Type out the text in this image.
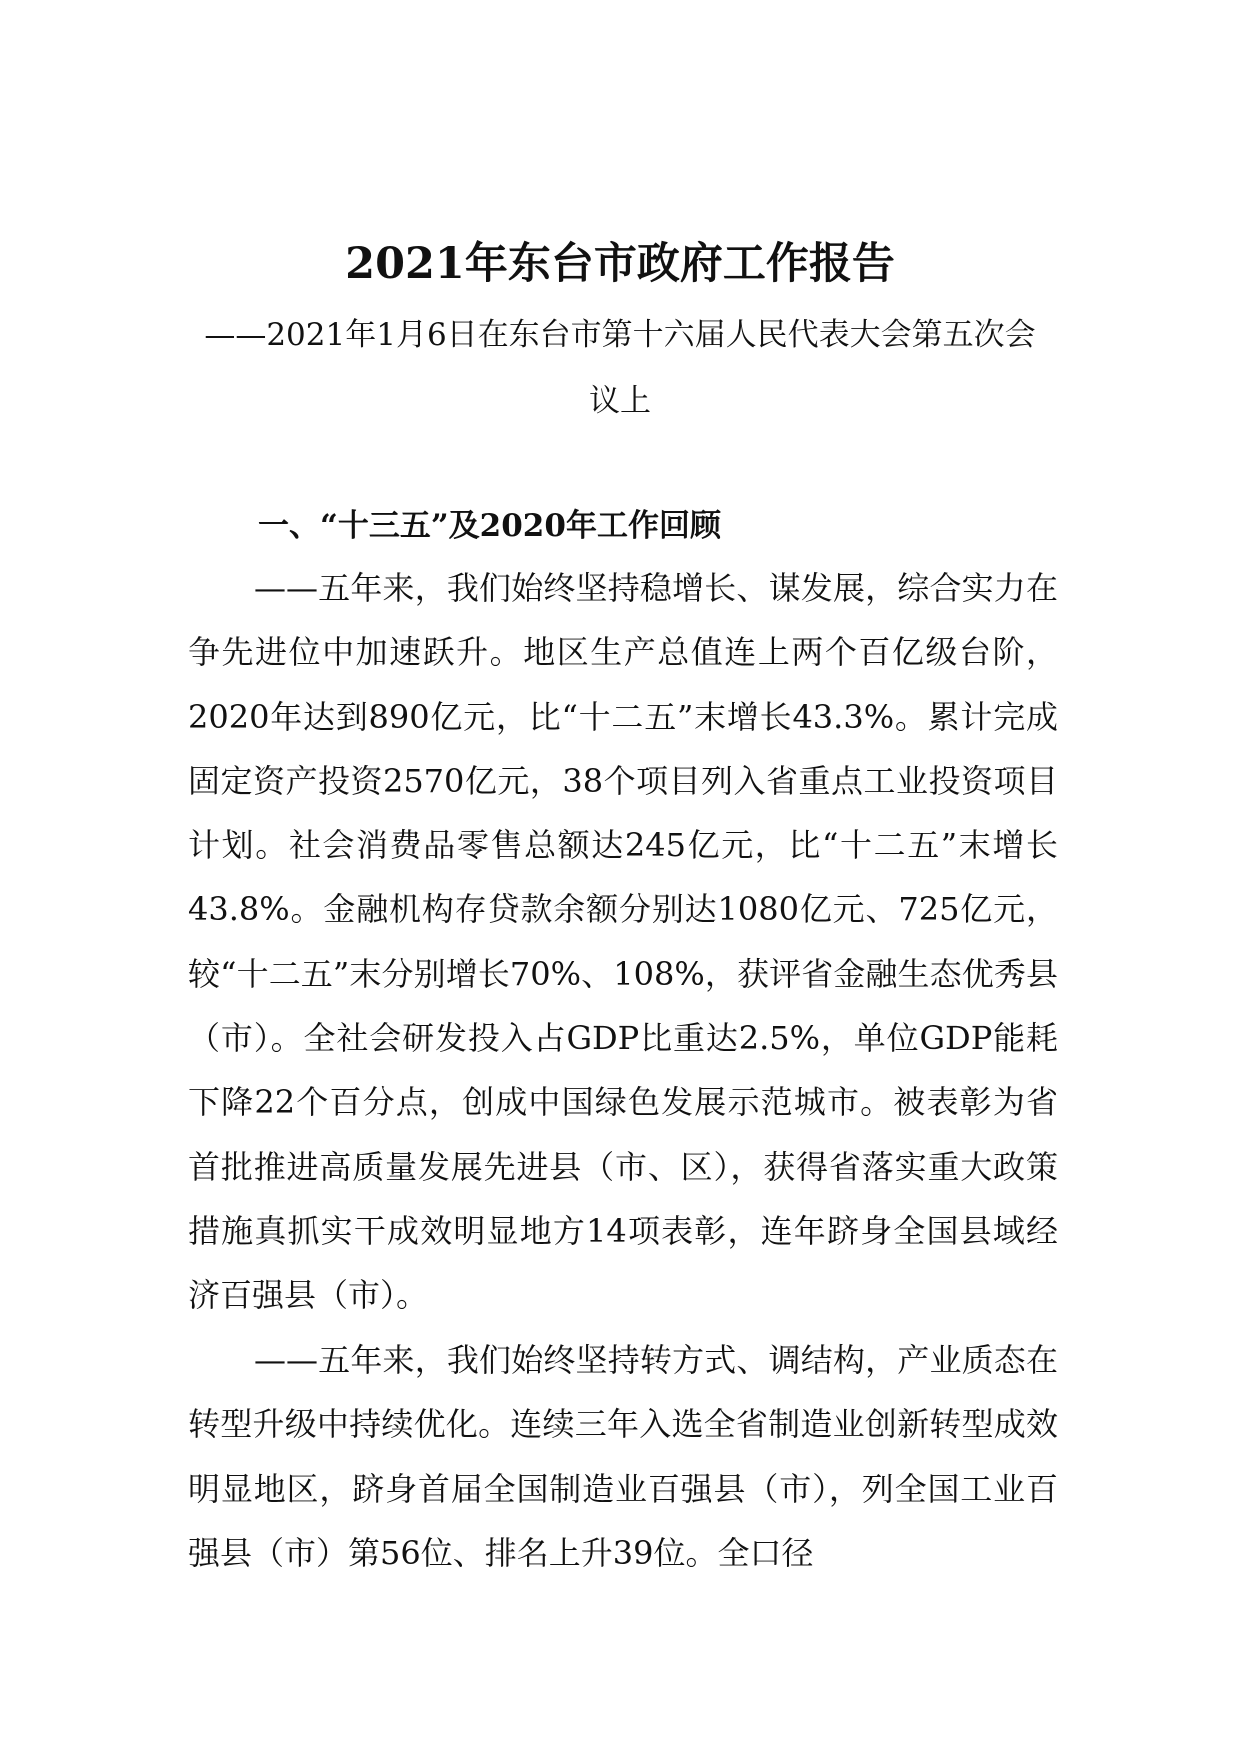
2021年东台市政府工作报告
——2021年1月6日在东台市第十六届人民代表大会第五次会议上
一、“十三五”及2020年工作回顾

——五年来，我们始终坚持稳增长、谋发展，综合实力在争先进位中加速跃升。地区生产总值连上两个百亿级台阶，2020年达到890亿元，比“十二五”末增长43.3%。累计完成固定资产投资2570亿元，38个项目列入省重点工业投资项目计划。社会消费品零售总额达245亿元，比“十二五”末增长43.8%。金融机构存贷款余额分别达1080亿元、725亿元，较“十二五”末分别增长70%、108%，获评省金融生态优秀县（市）。全社会研发投入占GDP比重达2.5%，单位GDP能耗下降22个百分点，创成中国绿色发展示范城市。被表彰为省首批推进高质量发展先进县（市、区），获得省落实重大政策措施真抓实干成效明显地方14项表彰，连年跻身全国县域经济百强县（市）。

——五年来，我们始终坚持转方式、调结构，产业质态在转型升级中持续优化。连续三年入选全省制造业创新转型成效明显地区，跻身首届全国制造业百强县（市），列全国工业百强县（市）第56位、排名上升39位。全口径
